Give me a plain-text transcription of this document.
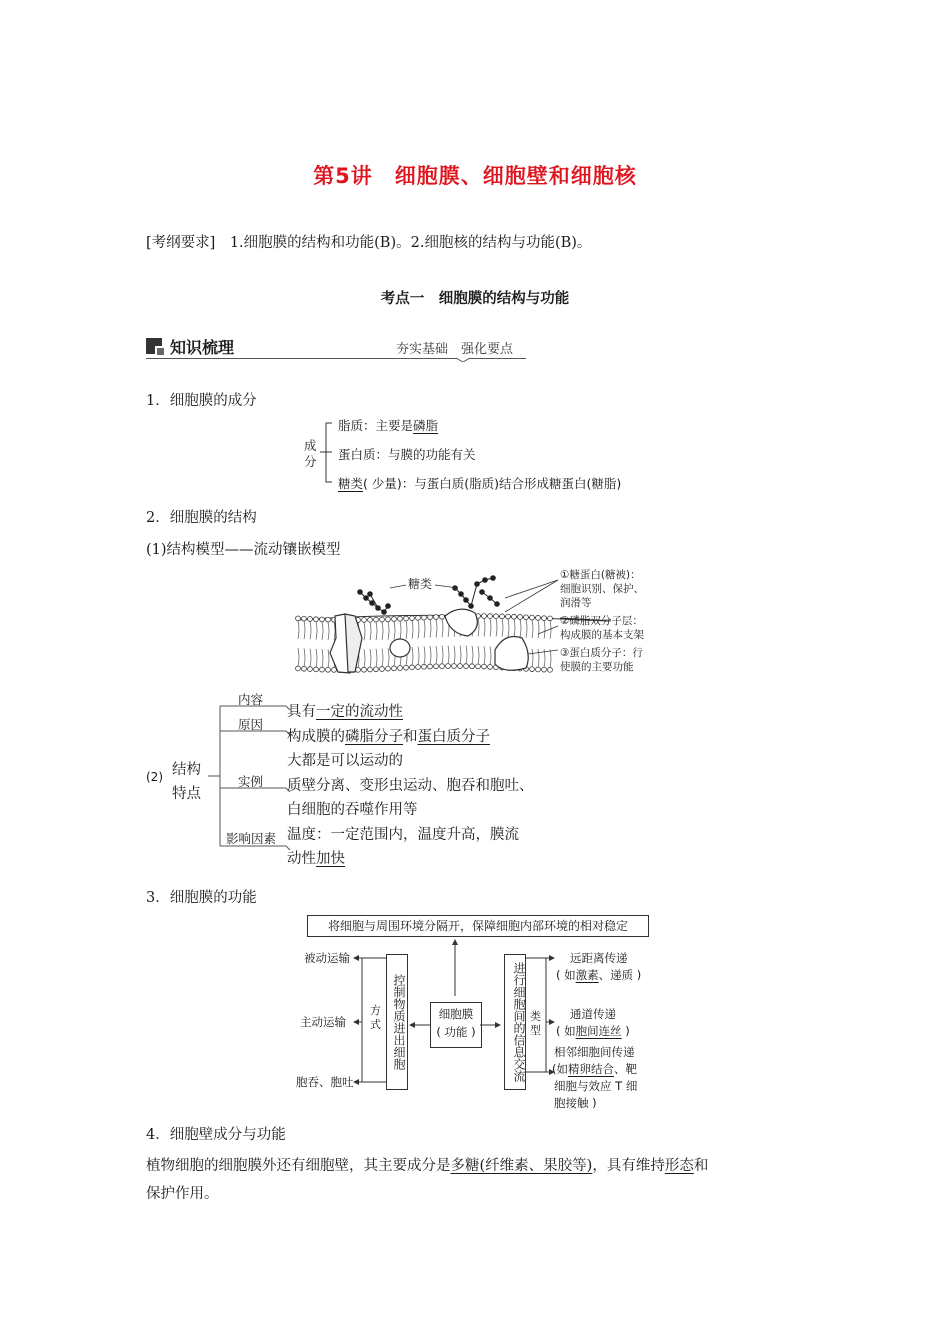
第5讲　细胞膜、细胞壁和细胞核
[考纲要求]　1.细胞膜的结构和功能(B)。2.细胞核的结构与功能(B)。
考点一　细胞膜的结构与功能
知识梳理	夯实基础　强化要点
1．细胞膜的成分
成分
脂质：主要是磷脂
蛋白质：与膜的功能有关
糖类( 少量)：与蛋白质(脂质)结合形成糖蛋白(糖脂)
2．细胞膜的结构
(1)结构模型——流动镶嵌模型
糖类
①糖蛋白(糖被)：
细胞识别、保护、
润滑等
②磷脂双分子层：
构成膜的基本支架
③蛋白质分子：行
使膜的主要功能
(2) 结构
特点
内容
原因
实例
影响因素
具有一定的流动性
构成膜的磷脂分子和蛋白质分子
大都是可以运动的
质壁分离、变形虫运动、胞吞和胞吐、
白细胞的吞噬作用等
温度：一定范围内，温度升高，膜流
动性加快
3．细胞膜的功能
将细胞与周围环境分隔开，保障细胞内部环境的相对稳定
细胞膜
( 功能 )
控制物质进出细胞
方式
被动运输
主动运输
胞吞、胞吐	进行细胞间的信息交流 类型
远距离传递
( 如激素、递质 )
通道传递
( 如胞间连丝 )
相邻细胞间传递
(如精卵结合、靶
细胞与效应 T 细
胞接触 )
4．细胞壁成分与功能
植物细胞的细胞膜外还有细胞壁，其主要成分是多糖(纤维素、果胶等)，具有维持形态和
保护作用。
